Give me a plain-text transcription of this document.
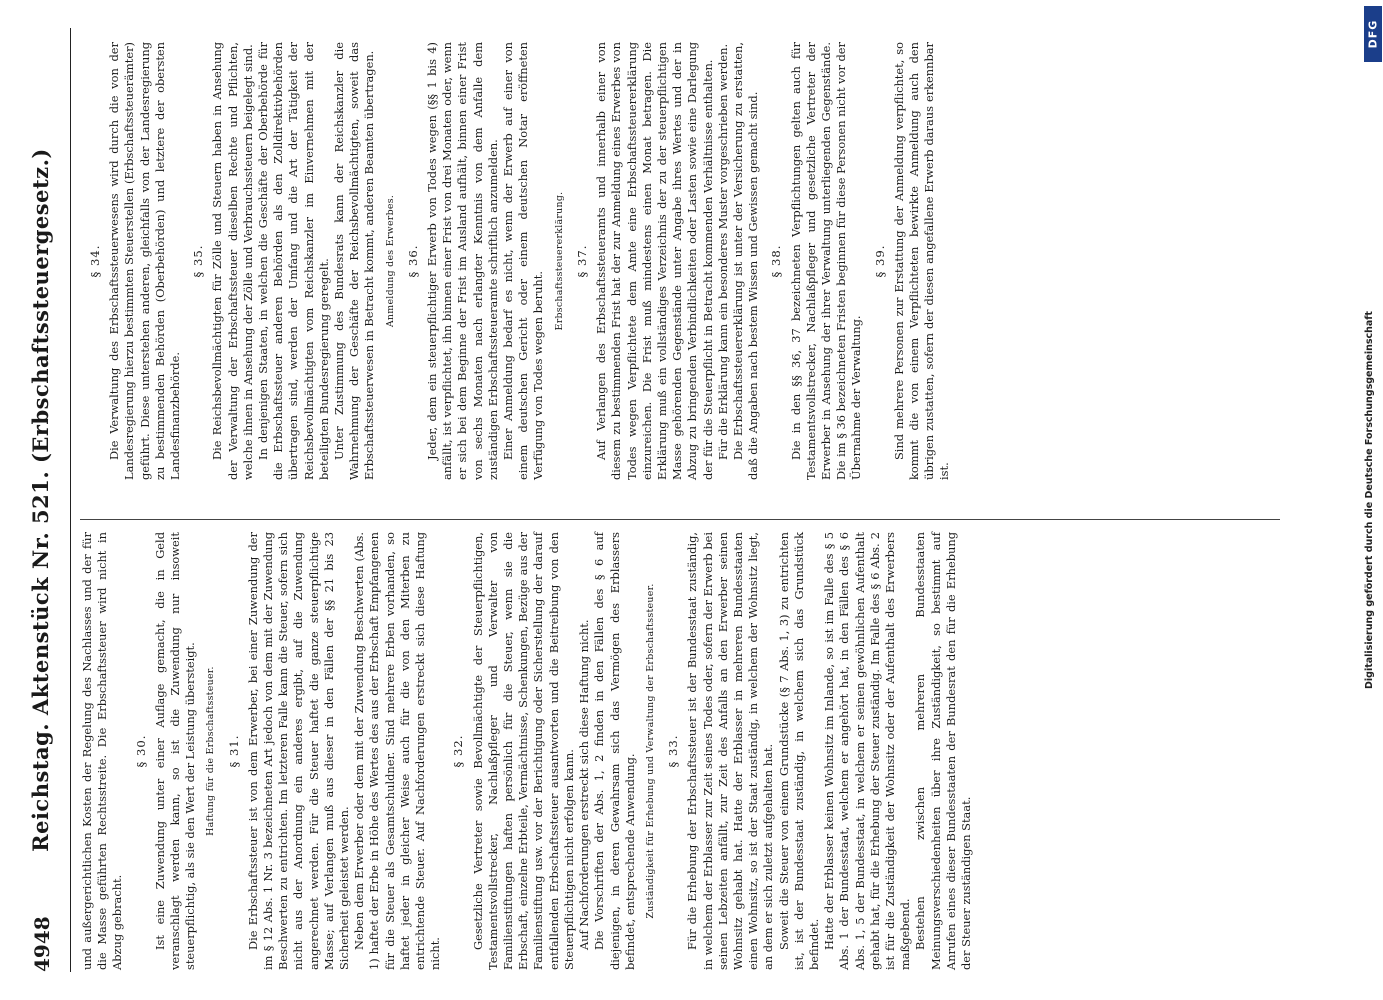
4948
Reichstag. Aktenstück Nr. 521. (Erbschaftssteuergesetz.) und außergerichtlichen Kosten der Regelung des Nachlasses und der für die Masse geführten Rechtsstreite. Die Erbschaftssteuer wird nicht in Abzug gebracht.

§ 30. Ist eine Zuwendung unter einer Auflage gemacht, die in Geld veranschlagt werden kann, so ist die Zuwendung nur insoweit steuerpflichtig, als sie den Wert der Leistung übersteigt. Haftung für die Erbschaftssteuer. § 31. Die Erbschaftssteuer ist von dem Erwerber, bei einer Zuwendung der im § 12 Abs. 1 Nr. 3 bezeichneten Art jedoch von dem mit der Zuwendung Beschwerten zu entrichten. Im letzteren Falle kann die Steuer, sofern sich nicht aus der Anordnung ein anderes ergibt, auf die Zuwendung angerechnet werden. Für die Steuer haftet die ganze steuerpflichtige Masse; auf Verlangen muß aus dieser in den Fällen der §§ 21 bis 23 Sicherheit geleistet werden. Neben dem Erwerber oder dem mit der Zuwendung Beschwerten (Abs. 1) haftet der Erbe in Höhe des Wertes des aus der Erbschaft Empfangenen für die Steuer als Gesamtschuldner. Sind mehrere Erben vorhanden, so haftet jeder in gleicher Weise auch für die von den Miterben zu entrichtende Steuer. Auf Nachforderungen erstreckt sich diese Haftung nicht.

§ 32. Gesetzliche Vertreter sowie Bevollmächtigte der Steuerpflichtigen, Testamentsvollstrecker, Nachlaßpfleger und Verwalter von Familienstiftungen haften persönlich für die Steuer, wenn sie die Erbschaft, einzelne Erbteile, Vermächtnisse, Schenkungen, Bezüge aus der Familienstiftung usw. vor der Berichtigung oder Sicherstellung der darauf entfallenden Erbschaftssteuer ausantworten und die Beitreibung von den Steuerpflichtigen nicht erfolgen kann. Auf Nachforderungen erstreckt sich diese Haftung nicht. Die Vorschriften der Abs. 1, 2 finden in den Fällen des § 6 auf diejenigen, in deren Gewahrsam sich das Vermögen des Erblassers befindet, entsprechende Anwendung. Zuständigkeit für Erhebung und Verwaltung der Erbschaftssteuer. § 33. Für die Erhebung der Erbschaftssteuer ist der Bundesstaat zuständig, in welchem der Erblasser zur Zeit seines Todes oder, sofern der Erwerb bei seinen Lebzeiten anfällt, zur Zeit des Anfalls an den Erwerber seinen Wohnsitz gehabt hat. Hatte der Erblasser in mehreren Bundesstaaten einen Wohnsitz, so ist der Staat zuständig, in welchem der Wohnsitz liegt, an dem er sich zuletzt aufgehalten hat. Soweit die Steuer von einem Grundstücke (§ 7 Abs. 1, 3) zu entrichten ist, ist der Bundesstaat zuständig, in welchem sich das Grundstück befindet. Hatte der Erblasser keinen Wohnsitz im Inlande, so ist im Falle des § 5 Abs. 1 der Bundesstaat, welchem er angehört hat, in den Fällen des § 6 Abs. 1, 5 der Bundesstaat, in welchem er seinen gewöhnlichen Aufenthalt gehabt hat, für die Erhebung der Steuer zuständig. Im Falle des § 6 Abs. 2 ist für die Zuständigkeit der Wohnsitz oder der Aufenthalt des Erwerbers maßgebend. Bestehen zwischen mehreren Bundesstaaten Meinungsverschiedenheiten über ihre Zuständigkeit, so bestimmt auf Anrufen eines dieser Bundesstaaten der Bundesrat den für die Erhebung der Steuer zuständigen Staat.

§ 34. Die Verwaltung des Erbschaftssteuerwesens wird durch die von der Landesregierung hierzu bestimmten Steuerstellen (Erbschaftssteuerämter) geführt. Diese unterstehen anderen, gleichfalls von der Landesregierung zu bestimmenden Behörden (Oberbehörden) und letztere der obersten Landesfinanzbehörde.

§ 35. Die Reichsbevollmächtigten für Zölle und Steuern haben in Ansehung der Verwaltung der Erbschaftssteuer dieselben Rechte und Pflichten, welche ihnen in Ansehung der Zölle und Verbrauchssteuern beigelegt sind. In denjenigen Staaten, in welchen die Geschäfte der Oberbehörde für die Erbschaftssteuer anderen Behörden als den Zolldirektivbehörden übertragen sind, werden der Umfang und die Art der Tätigkeit der Reichsbevollmächtigten vom Reichskanzler im Einvernehmen mit der beteiligten Bundesregierung geregelt. Unter Zustimmung des Bundesrats kann der Reichskanzler die Wahrnehmung der Geschäfte der Reichsbevollmächtigten, soweit das Erbschaftssteuerwesen in Betracht kommt, anderen Beamten übertragen. Anmeldung des Erwerbes. § 36. Jeder, dem ein steuerpflichtiger Erwerb von Todes wegen (§§ 1 bis 4) anfällt, ist verpflichtet, ihn binnen einer Frist von drei Monaten oder, wenn er sich bei dem Beginne der Frist im Ausland aufhält, binnen einer Frist von sechs Monaten nach erlangter Kenntnis von dem Anfalle dem zuständigen Erbschaftssteueramte schriftlich anzumelden. Einer Anmeldung bedarf es nicht, wenn der Erwerb auf einer von einem deutschen Gericht oder einem deutschen Notar eröffneten Verfügung von Todes wegen beruht.

Erbschaftssteuererklärung. § 37. Auf Verlangen des Erbschaftssteueramts und innerhalb einer von diesem zu bestimmenden Frist hat der zur Anmeldung eines Erwerbes von Todes wegen Verpflichtete dem Amte eine Erbschaftssteuererklärung einzureichen. Die Frist muß mindestens einen Monat betragen. Die Erklärung muß ein vollständiges Verzeichnis der zu der steuerpflichtigen Masse gehörenden Gegenstände unter Angabe ihres Wertes und der in Abzug zu bringenden Verbindlichkeiten oder Lasten sowie eine Darlegung der für die Steuerpflicht in Betracht kommenden Verhältnisse enthalten. Für die Erklärung kann ein besonderes Muster vorgeschrieben werden. Die Erbschaftssteuererklärung ist unter der Versicherung zu erstatten, daß die Angaben nach bestem Wissen und Gewissen gemacht sind. § 38. Die in den §§ 36, 37 bezeichneten Verpflichtungen gelten auch für Testamentsvollstrecker, Nachlaßpfleger und gesetzliche Vertreter der Erwerber in Ansehung der ihrer Verwaltung unterliegenden Gegenstände. Die im § 36 bezeichneten Fristen beginnen für diese Personen nicht vor der Übernahme der Verwaltung.

§ 39. Sind mehrere Personen zur Erstattung der Anmeldung verpflichtet, so kommt die von einem Verpflichteten bewirkte Anmeldung auch den übrigen zustatten, sofern der diesen angefallene Erwerb daraus erkennbar ist.	Digitalisierung gefördert durch die Deutsche Forschungsgemeinschaft
DFG
